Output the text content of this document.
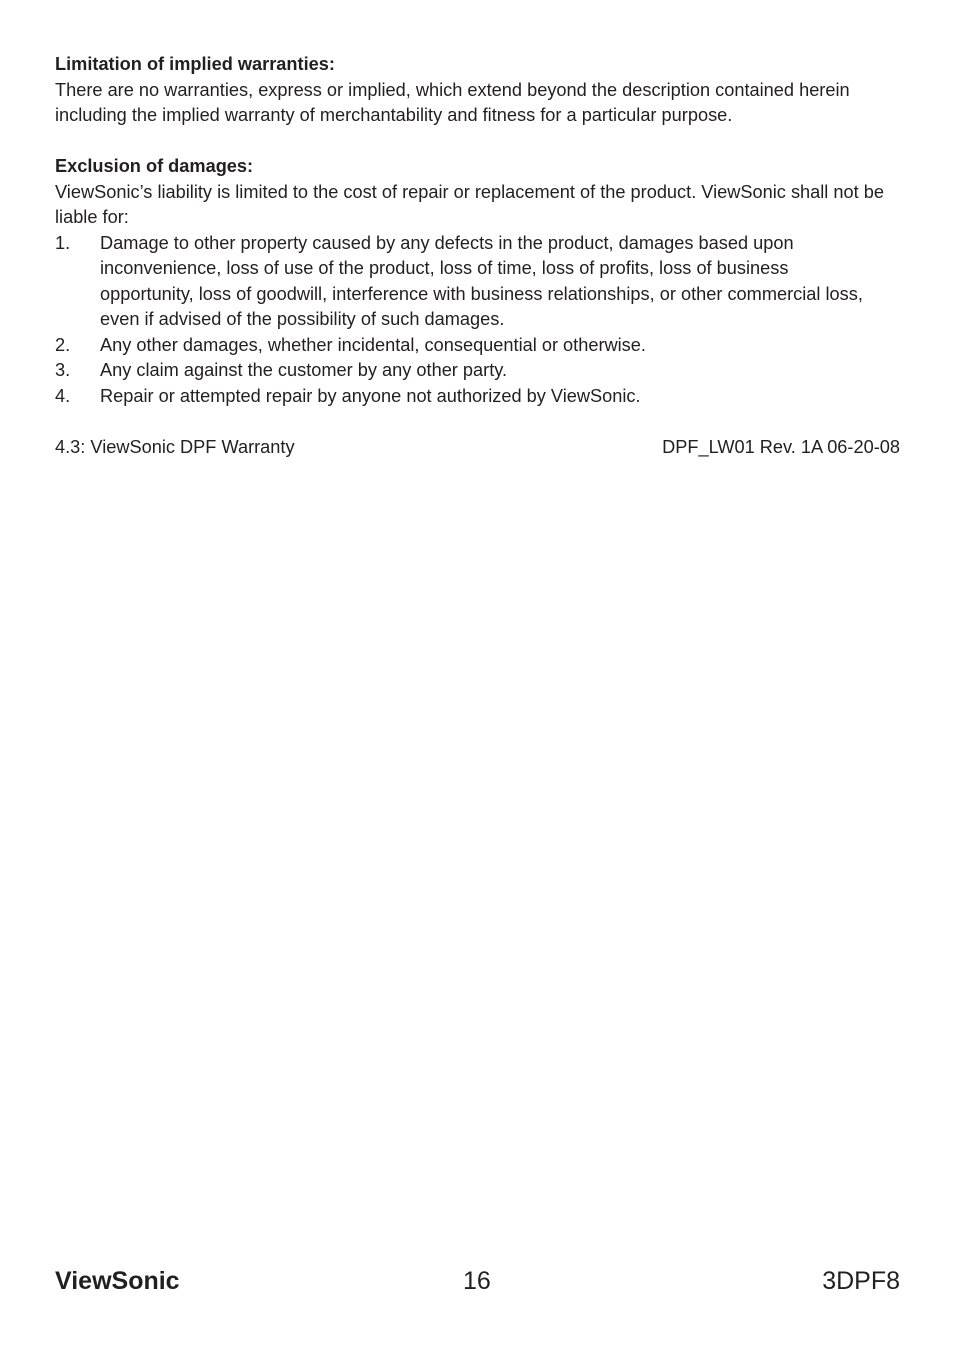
Limitation of implied warranties:

There are no warranties, express or implied, which extend beyond the description contained herein including the implied warranty of merchantability and fitness for a particular purpose.

Exclusion of damages:

ViewSonic’s liability is limited to the cost of repair or replacement of the product. ViewSonic shall not be liable for:

1.	Damage to other property caused by any defects in the product, damages based upon inconvenience, loss of use of the product, loss of time, loss of profits, loss of business opportunity, loss of goodwill, interference with business relationships, or other commercial loss, even if advised of the possibility of such damages.
2.	Any other damages, whether incidental, consequential or otherwise.
3.	Any claim against the customer by any other party.
4.	Repair or attempted repair by anyone not authorized by ViewSonic.
4.3: ViewSonic DPF Warranty	DPF_LW01 Rev. 1A 06-20-08
ViewSonic	16	3DPF8
